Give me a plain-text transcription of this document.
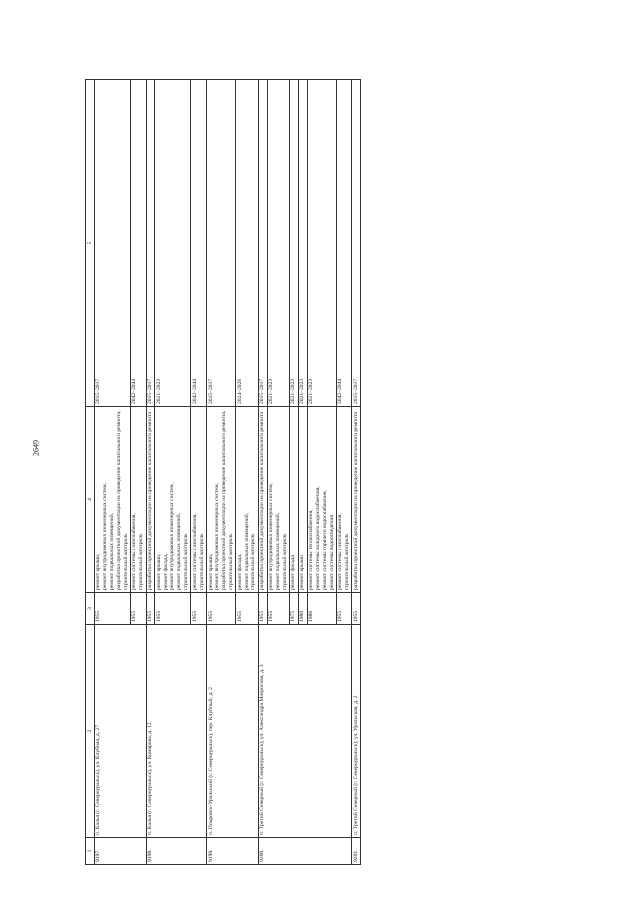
2649
1	2	3	4	5

9197.	п. Калья (г. Североуральск), ул. Клубная, д. 27	1955	ремонт крыши, ремонт внутридомовых инженерных систем, ремонт подвальных помещений, разработка проектной документации на проведение капитального ремонта, строительный контроль	2015–2017

		1955	ремонт системы газоснабжения, строительный контроль	2042–2044

9198.	п. Калья (г. Североуральск), ул. Комарова, д. 12	1955	разработка проектной документации на проведение капитального ремонта	2015–2017

		1955	ремонт крыши, ремонт фасада, ремонт внутридомовых инженерных систем, ремонт подвальных помещений, строительный контроль	2021–2023

		1955	ремонт системы газоснабжения, строительный контроль	2042–2044

9199.	п. Покровск-Уральский (г. Североуральск), пер. Клубный, д. 2	1955	ремонт крыши, ремонт внутридомовых инженерных систем, разработка проектной документации на проведение капитального ремонта, строительный контроль	2015–2017

		1955	ремонт фасада, ремонт подвальных помещений, строительный контроль	2024–2026

9200.	п. Третий Северный (г. Североуральск), ул. Александра Матросова, д. 3	1955	разработка проектной документации на проведение капитального ремонта	2015–2017

		1955	ремонт внутридомовых инженерных систем, ремонт подвальных помещений, строительный контроль	2021–2023

		1975	ремонт фасада	2021–2023

		1980	ремонт крыши	2021–2023

		1986	ремонт системы теплоснабжения, ремонт системы холодного водоснабжения, ремонт системы горячего водоснабжения, ремонт системы водоотведения	2021–2023

		1955	ремонт системы газоснабжения, строительный контроль	2042–2044

9201.	п. Третий Северный (г. Североуральск), ул. Уральская, д. 2	1955	разработка проектной документации на проведение капитального ремонта	2015–2017
